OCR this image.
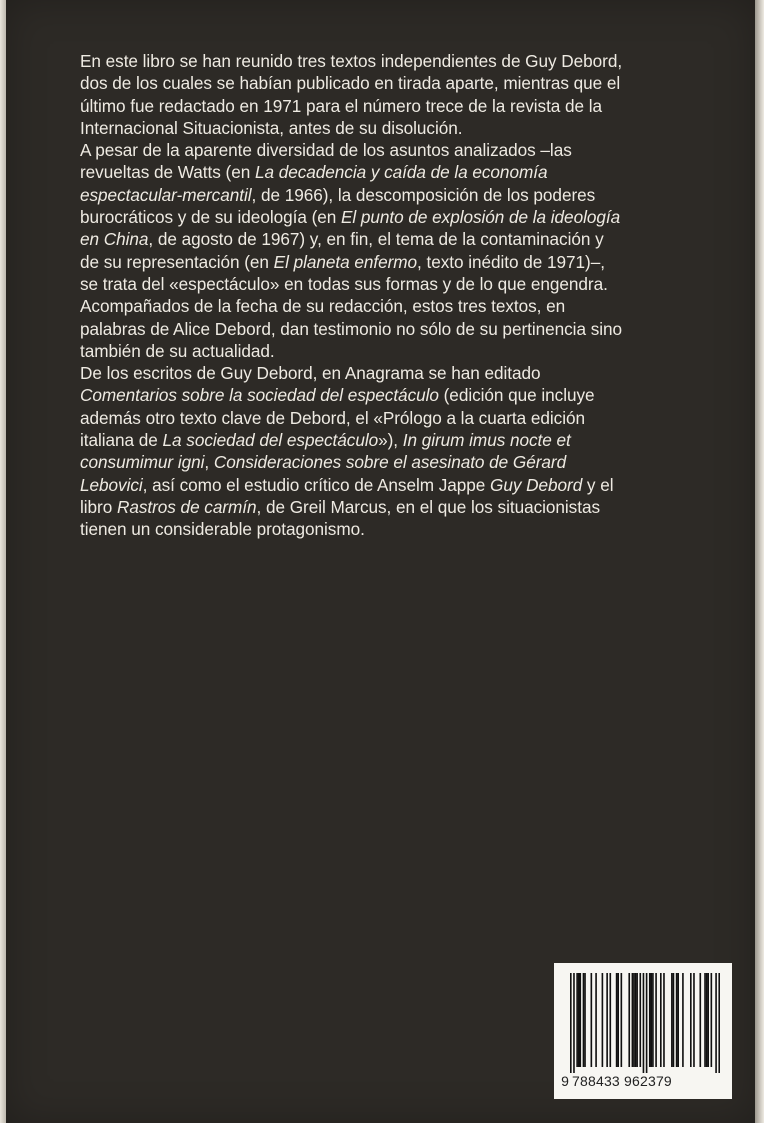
En este libro se han reunido tres textos independientes de Guy Debord,
dos de los cuales se habían publicado en tirada aparte, mientras que el
último fue redactado en 1971 para el número trece de la revista de la
Internacional Situacionista, antes de su disolución.
A pesar de la aparente diversidad de los asuntos analizados –las
revueltas de Watts (en La decadencia y caída de la economía
espectacular-mercantil, de 1966), la descomposición de los poderes
burocráticos y de su ideología (en El punto de explosión de la ideología
en China, de agosto de 1967) y, en fin, el tema de la contaminación y
de su representación (en El planeta enfermo, texto inédito de 1971)–,
se trata del «espectáculo» en todas sus formas y de lo que engendra.
Acompañados de la fecha de su redacción, estos tres textos, en
palabras de Alice Debord, dan testimonio no sólo de su pertinencia sino
también de su actualidad.
De los escritos de Guy Debord, en Anagrama se han editado
Comentarios sobre la sociedad del espectáculo (edición que incluye
además otro texto clave de Debord, el «Prólogo a la cuarta edición
italiana de La sociedad del espectáculo»), In girum imus nocte et
consumimur igni, Consideraciones sobre el asesinato de Gérard
Lebovici, así como el estudio crítico de Anselm Jappe Guy Debord y el
libro Rastros de carmín, de Greil Marcus, en el que los situacionistas
tienen un considerable protagonismo.
9 788433 962379
